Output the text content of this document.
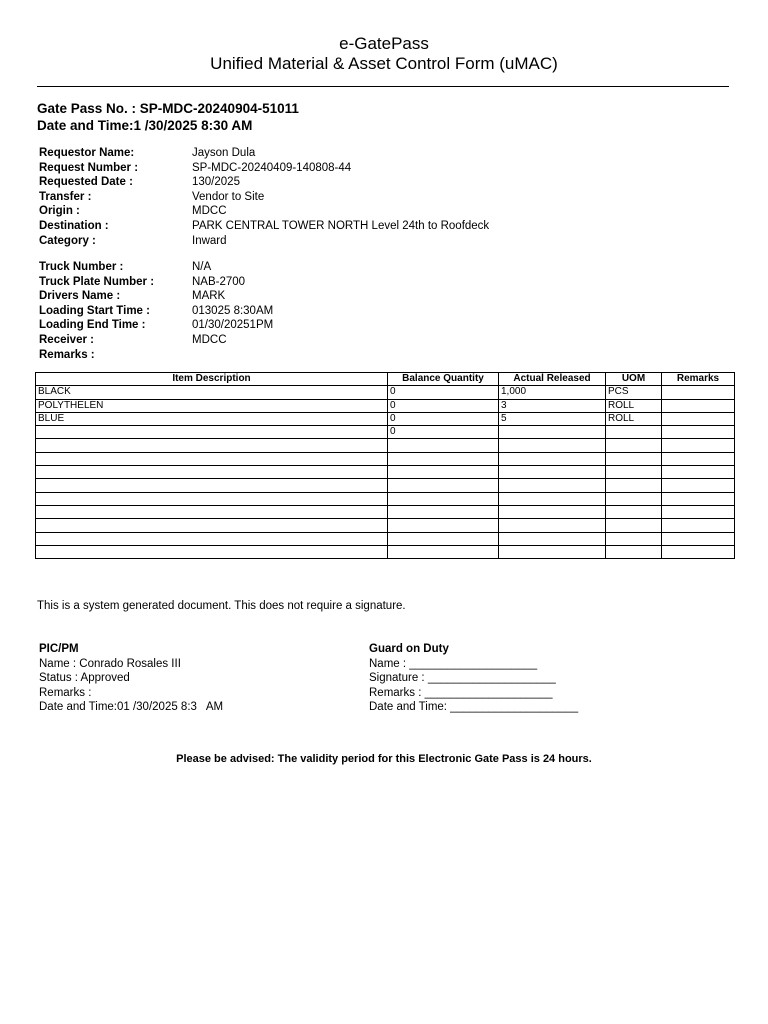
e-GatePass
Unified Material & Asset Control Form (uMAC)
Gate Pass No. : SP-MDC-20240904-51011
Date and Time:1 /30/2025 8:30 AM
Requestor Name:	Jayson Dula
Request Number :	SP-MDC-20240409-140808-44
Requested Date :	130/2025
Transfer :	Vendor to Site
Origin :	MDCC
Destination :	PARK CENTRAL TOWER NORTH Level 24th to Roofdeck
Category :	Inward
Truck Number :	N/A
Truck Plate Number :	NAB-2700
Drivers Name :	MARK
Loading Start Time :	013025 8:30AM
Loading End Time :	01/30/20251PM
Receiver :	MDCC
Remarks :
Item Description	Balance Quantity	Actual Released	UOM	Remarks
BLACK	0	1,000	PCS	
POLYTHELEN	0	3	ROLL	
BLUE	0	5	ROLL	
	0			

This is a system generated document. This does not require a signature.
PIC/PM
Name : Conrado Rosales III
Status : Approved
Remarks :
Date and Time:01 /30/2025 8:3   AM
Guard on Duty
Name : ____________________
Signature : ____________________
Remarks : ____________________
Date and Time: ____________________
Please be advised: The validity period for this Electronic Gate Pass is 24 hours.
